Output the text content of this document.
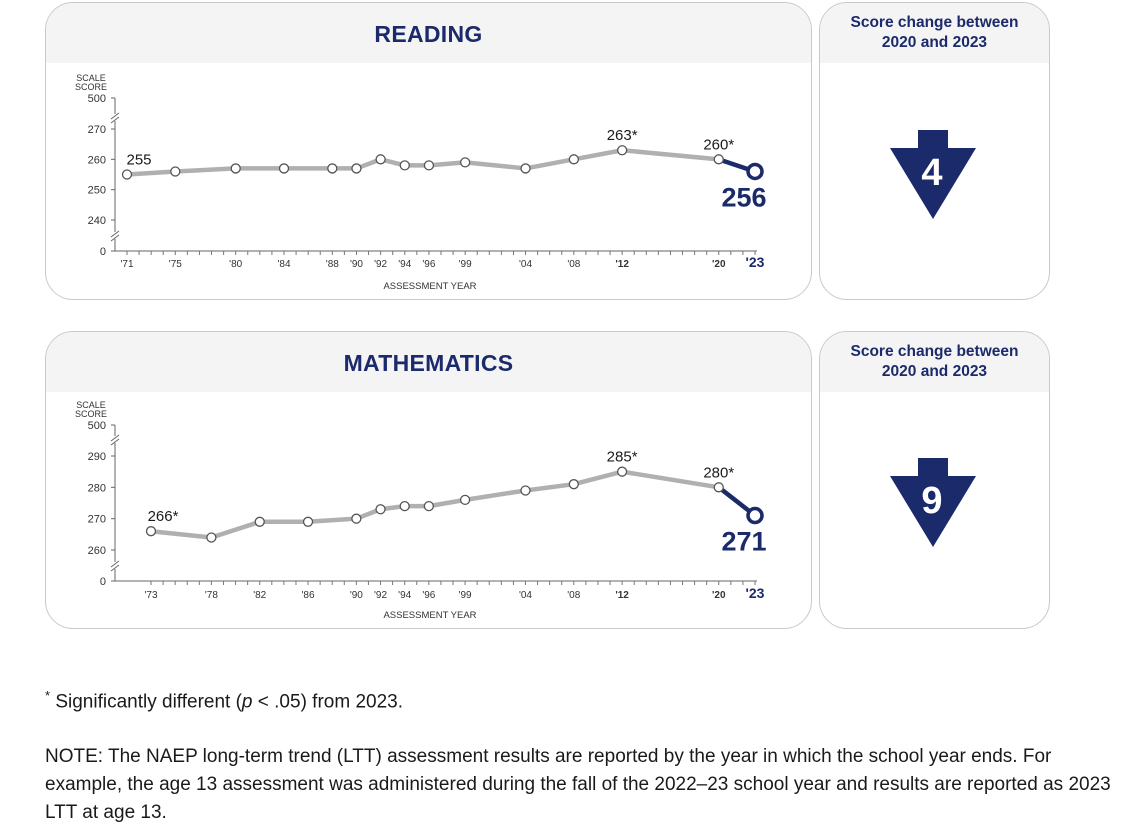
READING	Score change between
2020 and 2023
MATHEMATICS	Score change between
2020 and 2023
SCALE
SCORE
0
240
250
260
270
500
'71	'75	'80	'84	'88 '90 '92 '94 '96 '99	'04	'08	'12	'20 '23
ASSESSMENT YEAR
255
263*
260*
256
4
SCALE
SCORE
0
260
270
280
290
500
'73	'78	'82	'86	'90 '92 '94 '96 '99	'04	'08	'12	'20 '23
ASSESSMENT YEAR
266*
285*
280*
271
9
* Significantly different (p < .05) from 2023.
NOTE: The NAEP long-term trend (LTT) assessment results are reported by the year in which the school year ends. For example, the age 13 assessment was administered during the fall of the 2022–23 school year and results are reported as 2023 LTT at age 13.
